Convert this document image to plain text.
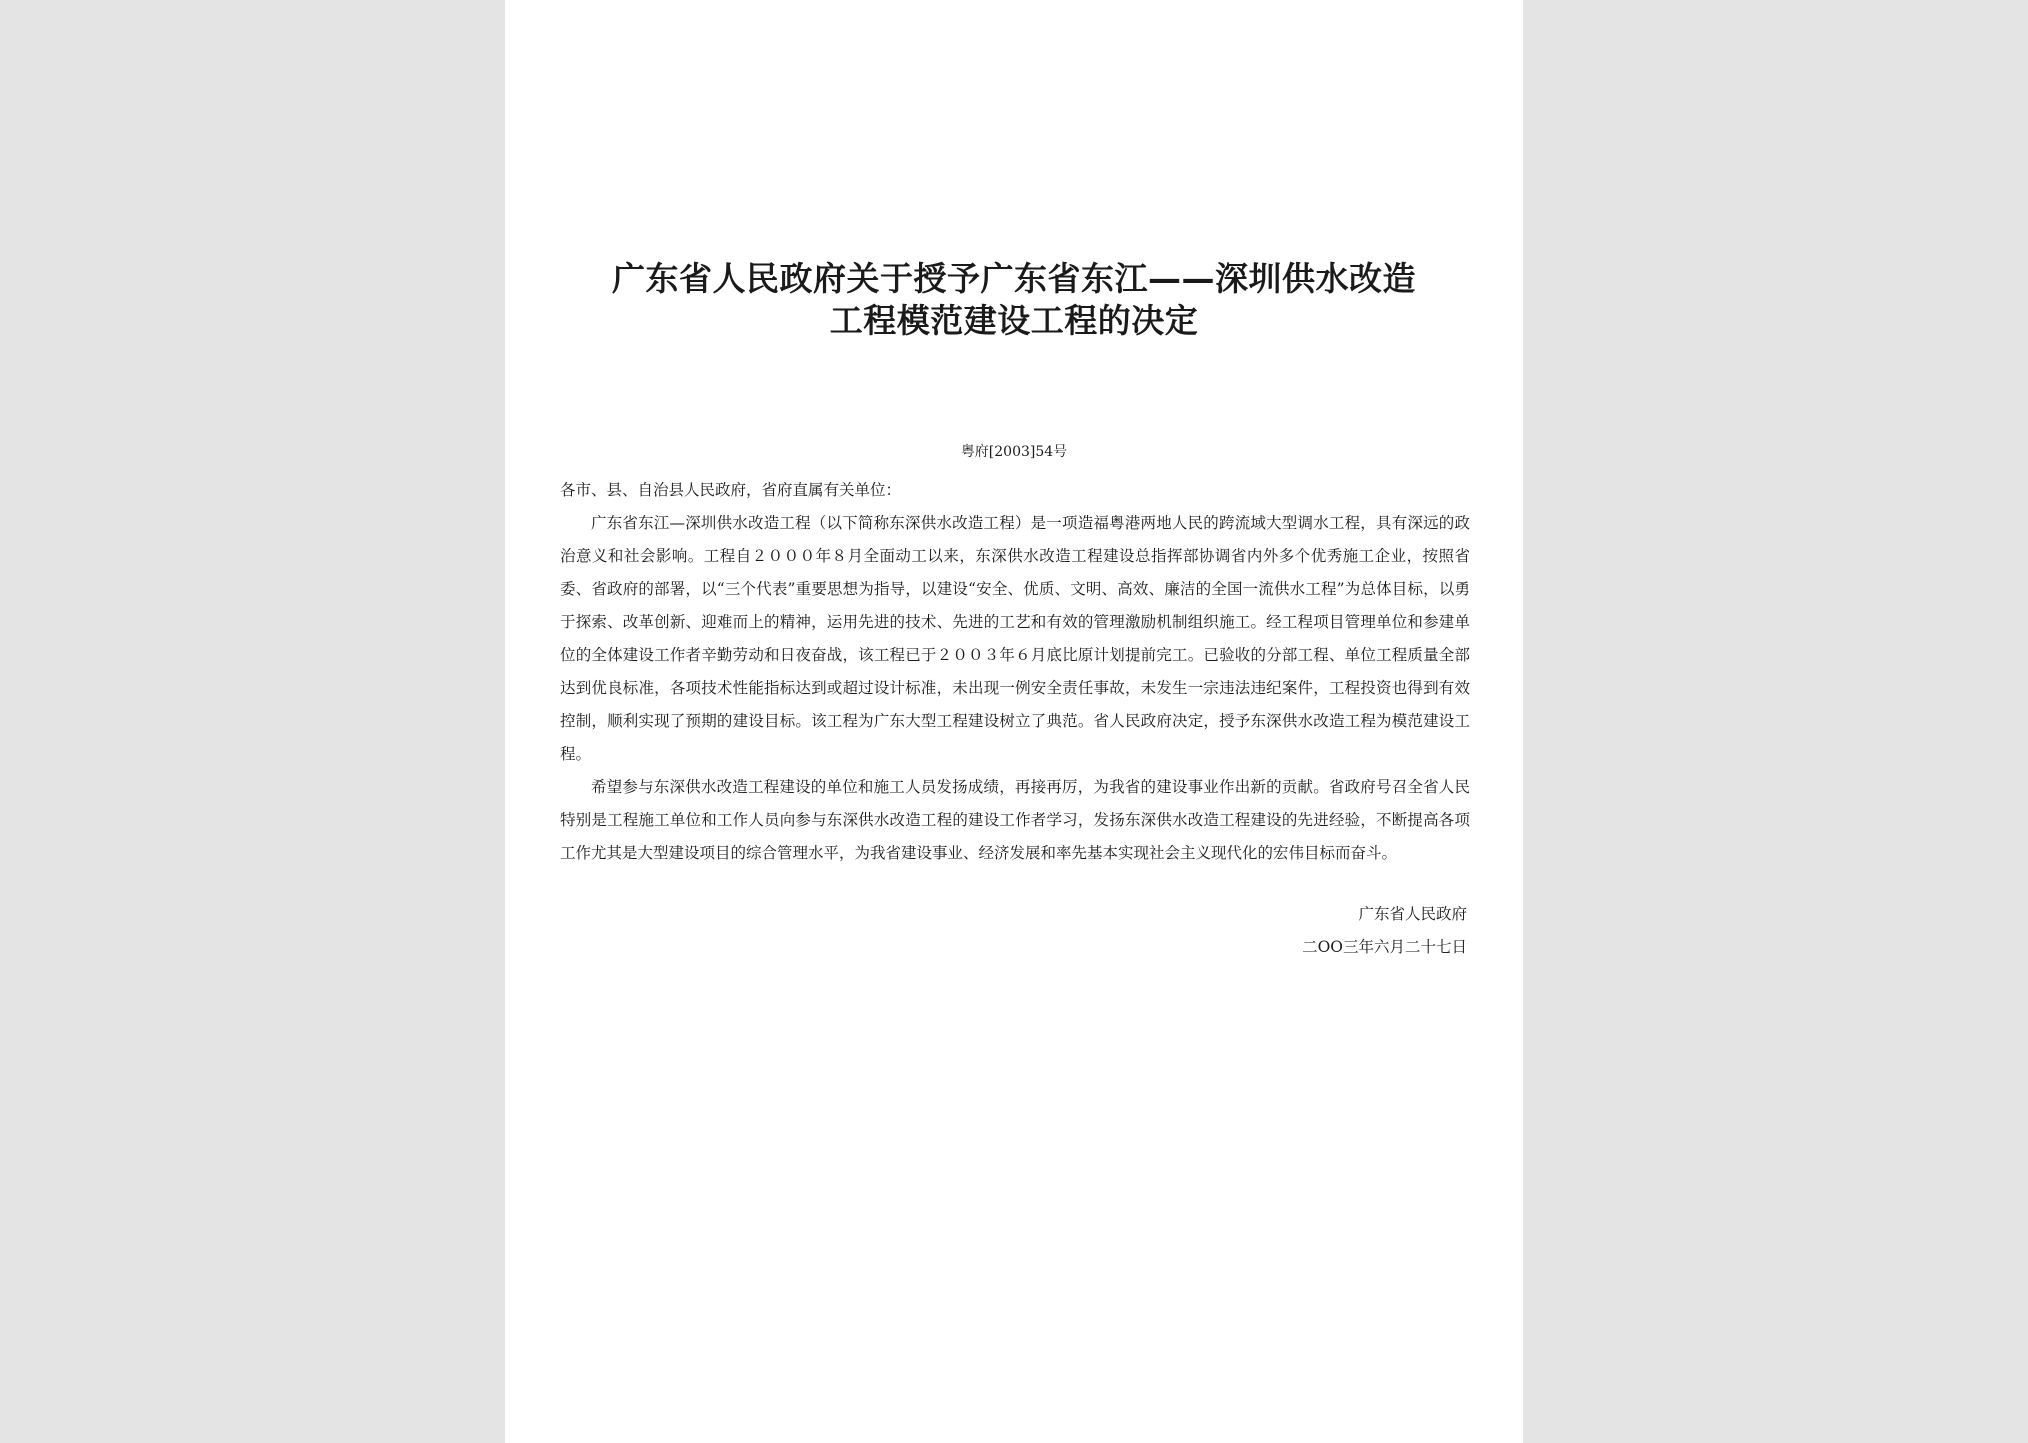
广东省人民政府关于授予广东省东江——深圳供水改造
工程模范建设工程的决定
粤府[2003]54号

各市、县、自治县人民政府，省府直属有关单位：

广东省东江—深圳供水改造工程（以下简称东深供水改造工程）是一项造福粤港两地人民的跨流域大型调水工程，具有深远的政治意义和社会影响。工程自２０００年８月全面动工以来，东深供水改造工程建设总指挥部协调省内外多个优秀施工企业，按照省委、省政府的部署，以“三个代表”重要思想为指导，以建设“安全、优质、文明、高效、廉洁的全国一流供水工程”为总体目标，以勇于探索、改革创新、迎难而上的精神，运用先进的技术、先进的工艺和有效的管理激励机制组织施工。经工程项目管理单位和参建单位的全体建设工作者辛勤劳动和日夜奋战，该工程已于２００３年６月底比原计划提前完工。已验收的分部工程、单位工程质量全部达到优良标准，各项技术性能指标达到或超过设计标准，未出现一例安全责任事故，未发生一宗违法违纪案件，工程投资也得到有效控制，顺利实现了预期的建设目标。该工程为广东大型工程建设树立了典范。省人民政府决定，授予东深供水改造工程为模范建设工程。

希望参与东深供水改造工程建设的单位和施工人员发扬成绩，再接再厉，为我省的建设事业作出新的贡献。省政府号召全省人民特别是工程施工单位和工作人员向参与东深供水改造工程的建设工作者学习，发扬东深供水改造工程建设的先进经验，不断提高各项工作尤其是大型建设项目的综合管理水平，为我省建设事业、经济发展和率先基本实现社会主义现代化的宏伟目标而奋斗。

广东省人民政府
二OO三年六月二十七日
